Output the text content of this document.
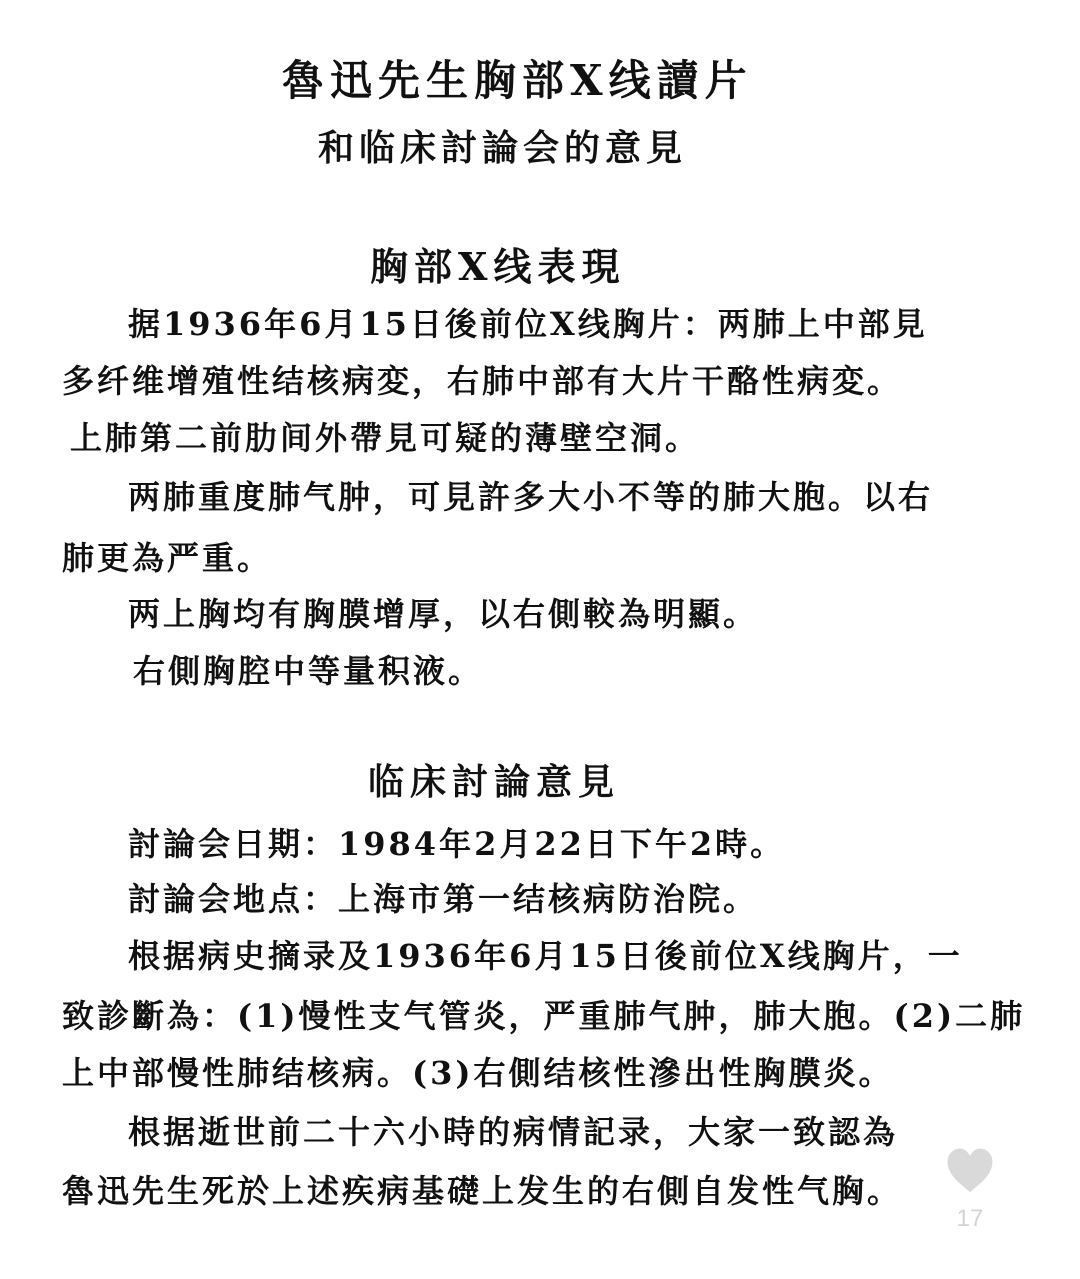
魯迅先生胸部X线讀片
和临床討論会的意見
胸部X线表現
据1936年6月15日後前位X线胸片：两肺上中部見
多纤维增殖性结核病変，右肺中部有大片干酪性病変。
上肺第二前肋间外帶見可疑的薄壁空洞。
两肺重度肺气肿，可見許多大小不等的肺大胞。以右
肺更為严重。
两上胸均有胸膜增厚，以右側較為明顯。
右側胸腔中等量积液。
临床討論意見
討論会日期：1984年2月22日下午2時。
討論会地点：上海市第一结核病防治院。
根据病史摘录及1936年6月15日後前位X线胸片，一
致診斷為：(1)慢性支气管炎，严重肺气肿，肺大胞。(2)二肺
上中部慢性肺结核病。(3)右側结核性滲出性胸膜炎。
根据逝世前二十六小時的病情記录，大家一致認為
魯迅先生死於上述疾病基礎上发生的右側自发性气胸。
17
